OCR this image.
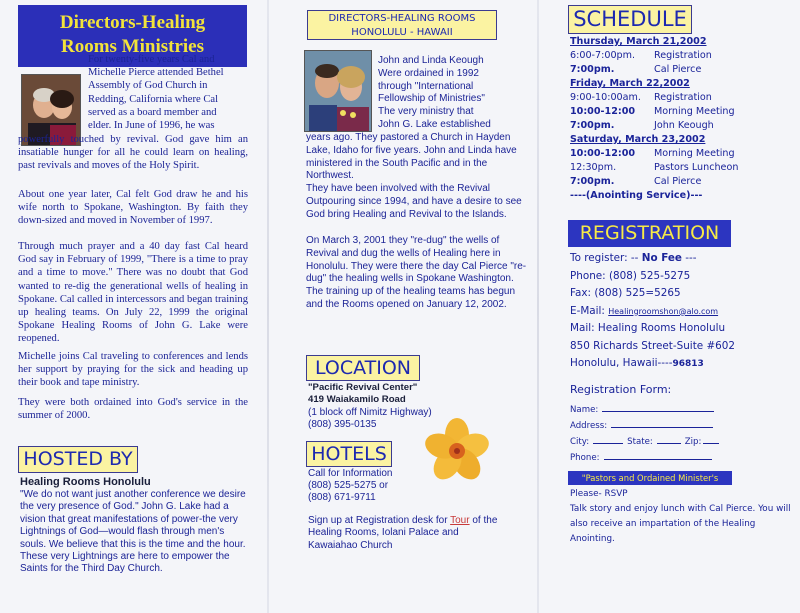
Directors-Healing
Rooms Ministries
For twenty-five years Cal and
Michelle Pierce attended Bethel
Assembly of God Church in
Redding, California where Cal
served as a board member and
elder. In June of 1996, he was

powerfully touched by revival. God gave him an insatiable hunger for all he could learn on healing, past revivals and moves of the Holy Spirit.

About one year later, Cal felt God draw he and his wife north to Spokane, Washington. By faith they down-sized and moved in November of 1997.

Through much prayer and a 40 day fast Cal heard God say in February of 1999, "There is a time to pray and a time to move." There was no doubt that God wanted to re-dig the generational wells of healing in Spokane. Cal called in intercessors and began training up healing teams. On July 22, 1999 the original Spokane Healing Rooms of John G. Lake were reopened.

Michelle joins Cal traveling to conferences and lends her support by praying for the sick and heading up their book and tape ministry.

They were both ordained into God's service in the summer of 2000.

HOSTED BY
Healing Rooms Honolulu

"We do not want just another conference we desire the very presence of God." John G. Lake had a vision that great manifestations of power-the very Lightnings of God—would flash through men's souls. We believe that this is the time and the hour. These very Lightnings are here to empower the Saints for the Third Day Church.

DIRECTORS-HEALING ROOMS
HONOLULU - HAWAII
John and Linda Keough
Were ordained in 1992
through "International
Fellowship of Ministries"
The very ministry that
John G. Lake established

years ago. They pastored a Church in Hayden Lake, Idaho for five years. John and Linda have ministered in the South Pacific and in the Northwest.

They have been involved with the Revival Outpouring since 1994, and have a desire to see God bring Healing and Revival to the Islands.

On March 3, 2001 they "re-dug" the wells of Revival and dug the wells of Healing here in Honolulu. They were there the day Cal Pierce "re-dug" the healing wells in Spokane Washington. The training up of the healing teams has begun and the Rooms opened on January 12, 2002.

LOCATION
"Pacific Revival Center"
419 Waiakamilo Road
(1 block off Nimitz Highway)
(808) 395-0135
HOTELS
Call for Information
(808) 525-5275 or
(808) 671-9711
Sign up at Registration desk for Tour of the
Healing Rooms, Iolani Palace and
Kawaiahao Church
SCHEDULE
Thursday, March 21,2002
6:00-7:00pm. Registration
7:00pm.	Cal Pierce
Friday, March 22,2002
9:00-10:00am. Registration
10:00-12:00 Morning Meeting
7:00pm.	John Keough
Saturday, March 23,2002
10:00-12:00 Morning Meeting
12:30pm.	Pastors Luncheon
7:00pm.	Cal Pierce
----(Anointing Service)---
REGISTRATION
To register: -- No Fee ---
Phone: (808) 525-5275
Fax: (808) 525=5265
E-Mail: Healingroomshon@alo.com
Mail: Healing Rooms Honolulu
850 Richards Street-Suite #602
Honolulu, Hawaii----96813
Registration Form:
Name:
Address:
City:	State:	Zip:
Phone:
"Pastors and Ordained Minister's
Please- RSVP
Talk story and enjoy lunch with Cal Pierce. You will also receive an impartation of the Healing Anointing.
